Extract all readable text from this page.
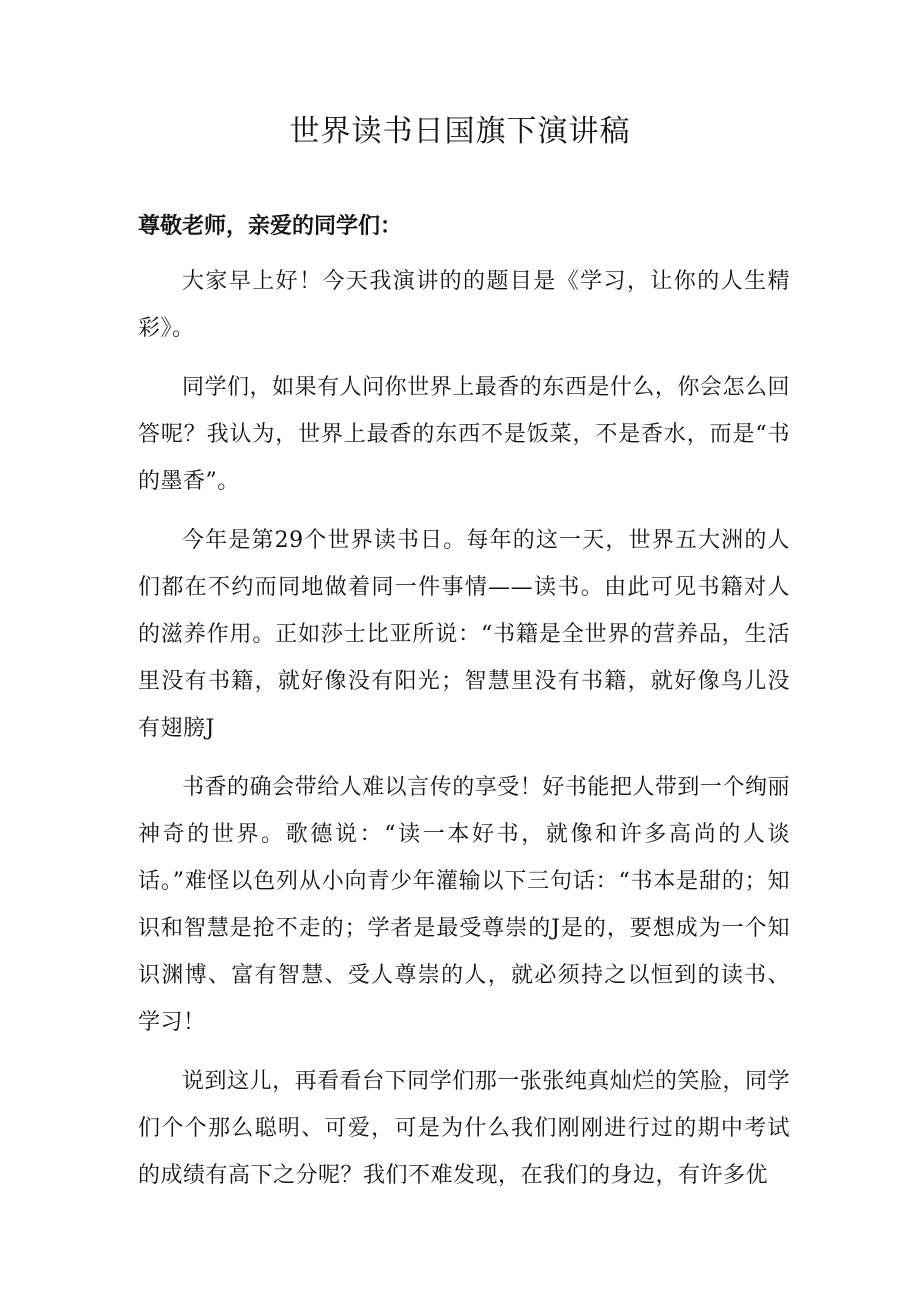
世界读书日国旗下演讲稿

尊敬老师，亲爱的同学们：

大家早上好！今天我演讲的的题目是《学习，让你的人生精彩》。

同学们，如果有人问你世界上最香的东西是什么，你会怎么回答呢？我认为，世界上最香的东西不是饭菜，不是香水，而是“书的墨香”。

今年是第29个世界读书日。每年的这一天，世界五大洲的人们都在不约而同地做着同一件事情——读书。由此可见书籍对人的滋养作用。正如莎士比亚所说：“书籍是全世界的营养品，生活里没有书籍，就好像没有阳光；智慧里没有书籍，就好像鸟儿没有翅膀J

书香的确会带给人难以言传的享受！好书能把人带到一个绚丽神奇的世界。歌德说：“读一本好书，就像和许多高尚的人谈话。”难怪以色列从小向青少年灌输以下三句话：“书本是甜的；知识和智慧是抢不走的；学者是最受尊崇的J是的，要想成为一个知识渊博、富有智慧、受人尊崇的人，就必须持之以恒到的读书、学习！

说到这儿，再看看台下同学们那一张张纯真灿烂的笑脸，同学们个个那么聪明、可爱，可是为什么我们刚刚进行过的期中考试的成绩有高下之分呢？我们不难发现，在我们的身边，有许多优
